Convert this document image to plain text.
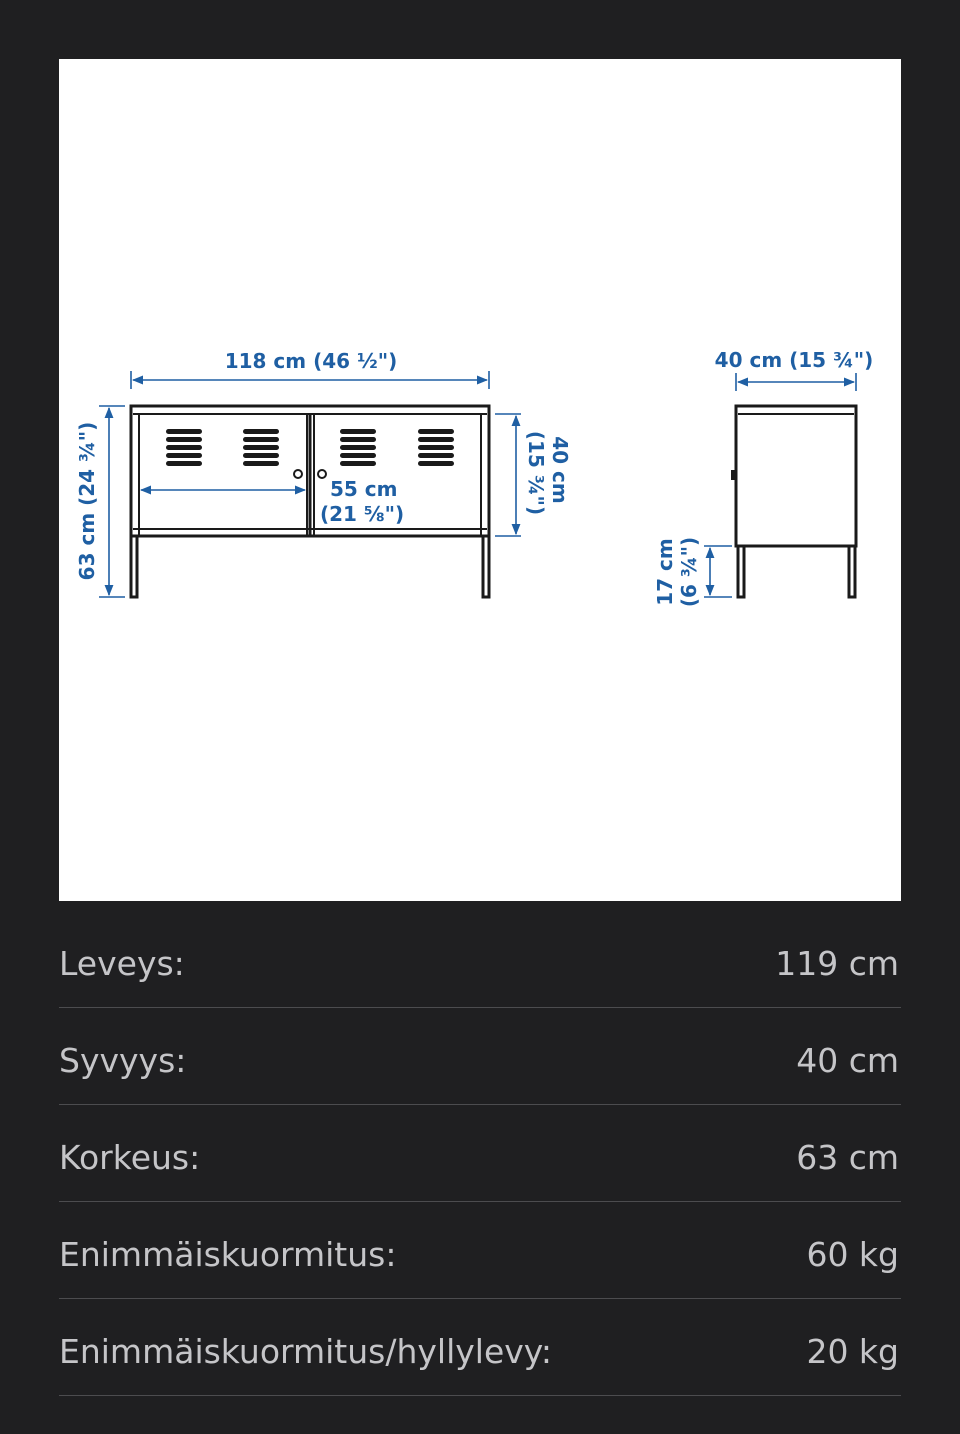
118 cm (46 ½")
63 cm (24 ¾")	55 cm
(21 ⅝")
40 cm
(15 ¾")
40 cm (15 ¾")
17 cm (6 ¾")
Leveys:	119 cm
Syvyys:	40 cm
Korkeus:	63 cm
Enimmäiskuormitus:	60 kg
Enimmäiskuormitus/hyllylevy:	20 kg
